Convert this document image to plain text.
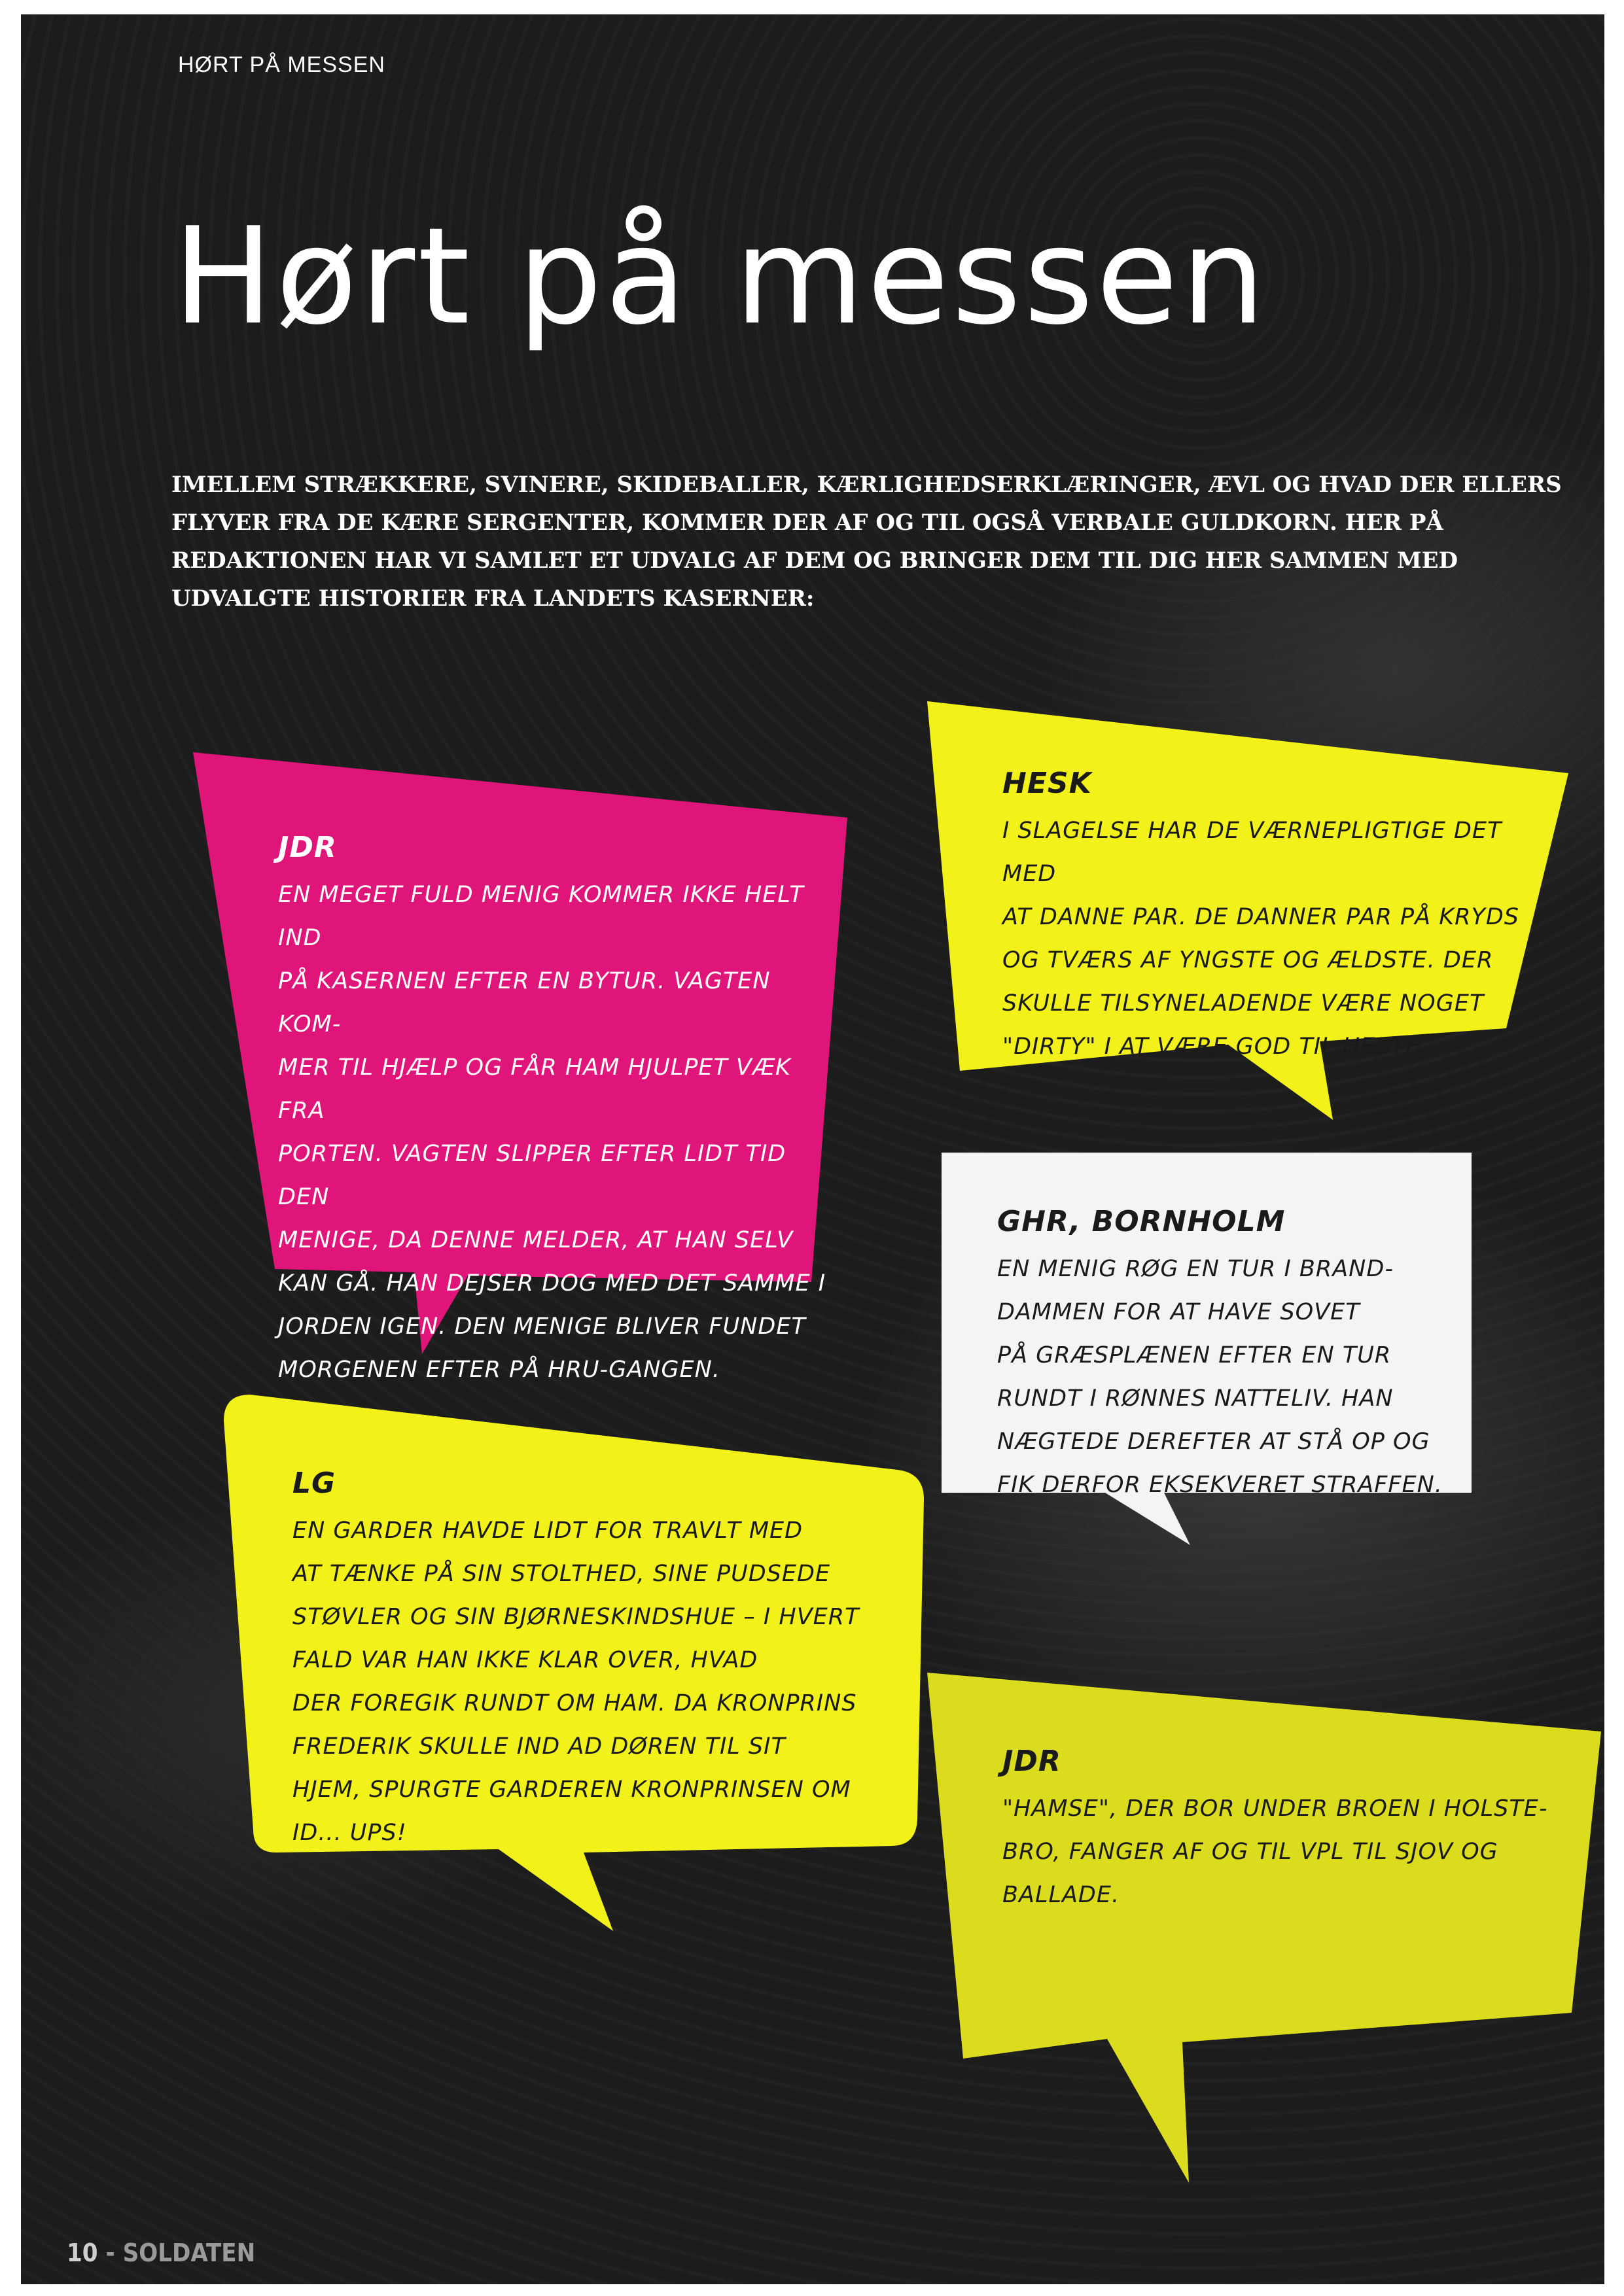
HØRT PÅ MESSEN
Hørt på messen

IMELLEM STRÆKKERE, SVINERE, SKIDEBALLER, KÆRLIGHEDSERKLÆRINGER, ÆVL OG HVAD DER ELLERS FLYVER FRA DE KÆRE SERGENTER, KOMMER DER AF OG TIL OGSÅ VERBALE GULDKORN. HER PÅ REDAKTIONEN HAR VI SAMLET ET UDVALG AF DEM OG BRINGER DEM TIL DIG HER SAMMEN MED UDVALGTE HISTORIER FRA LANDETS KASERNER:

JDR
EN MEGET FULD MENIG KOMMER IKKE HELT IND
PÅ KASERNEN EFTER EN BYTUR. VAGTEN KOM-
MER TIL HJÆLP OG FÅR HAM HJULPET VÆK FRA
PORTEN. VAGTEN SLIPPER EFTER LIDT TID DEN
MENIGE, DA DENNE MELDER, AT HAN SELV
KAN GÅ. HAN DEJSER DOG MED DET SAMME I
JORDEN IGEN. DEN MENIGE BLIVER FUNDET
MORGENEN EFTER PÅ HRU-GANGEN.
HESK
I SLAGELSE HAR DE VÆRNEPLIGTIGE DET MED
AT DANNE PAR. DE DANNER PAR PÅ KRYDS
OG TVÆRS AF YNGSTE OG ÆLDSTE. DER
SKULLE TILSYNELADENDE VÆRE NOGET
"DIRTY" I AT VÆRE GOD TIL HESTE.
GHR, BORNHOLM
EN MENIG RØG EN TUR I BRAND-
DAMMEN FOR AT HAVE SOVET
PÅ GRÆSPLÆNEN EFTER EN TUR
RUNDT I RØNNES NATTELIV. HAN
NÆGTEDE DEREFTER AT STÅ OP OG
FIK DERFOR EKSEKVERET STRAFFEN.
LG
EN GARDER HAVDE LIDT FOR TRAVLT MED
AT TÆNKE PÅ SIN STOLTHED, SINE PUDSEDE
STØVLER OG SIN BJØRNESKINDSHUE – I HVERT
FALD VAR HAN IKKE KLAR OVER, HVAD
DER FOREGIK RUNDT OM HAM. DA KRONPRINS
FREDERIK SKULLE IND AD DØREN TIL SIT
HJEM, SPURGTE GARDEREN KRONPRINSEN OM
ID... UPS!
JDR
"HAMSE", DER BOR UNDER BROEN I HOLSTE-
BRO, FANGER AF OG TIL VPL TIL SJOV OG
BALLADE.
10 - SOLDATEN
